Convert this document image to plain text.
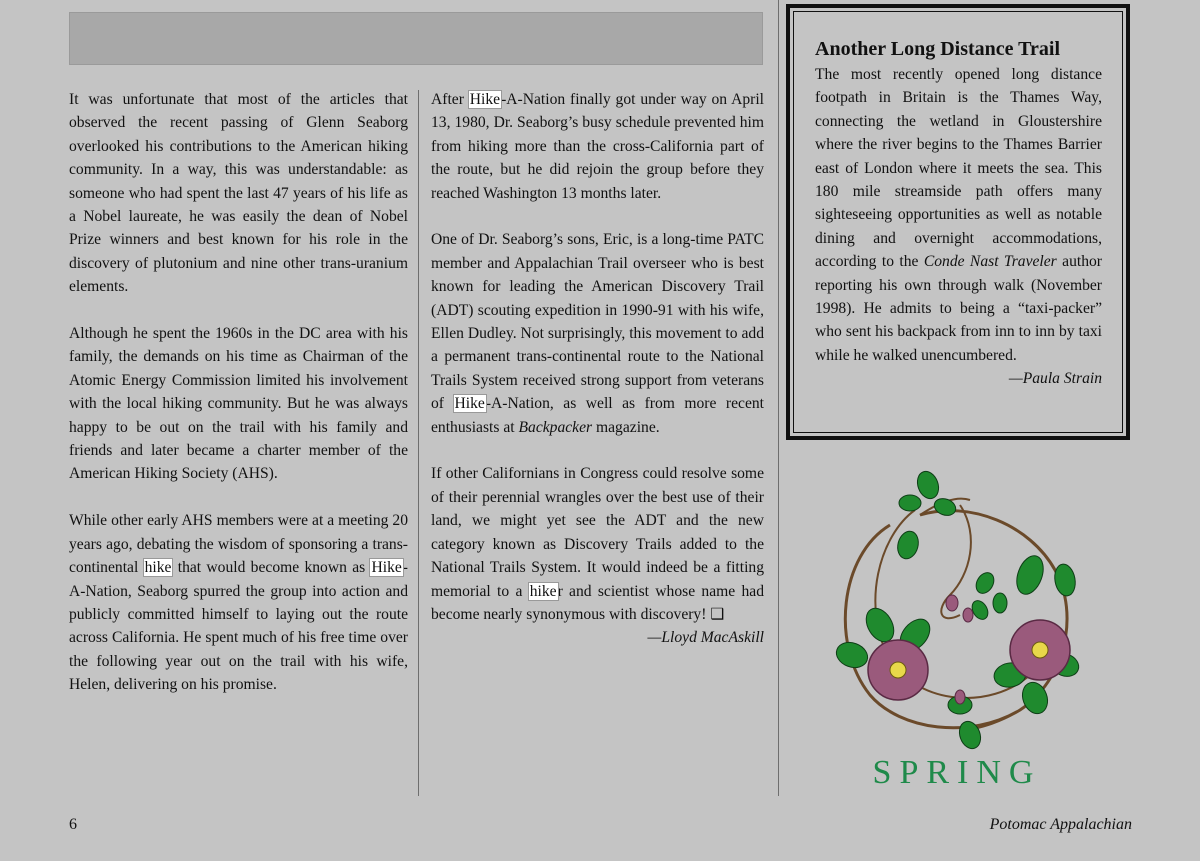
It was unfortunate that most of the articles that observed the recent passing of Glenn Seaborg overlooked his contributions to the American hiking community. In a way, this was understandable: as someone who had spent the last 47 years of his life as a Nobel laureate, he was easily the dean of Nobel Prize winners and best known for his role in the discovery of plutonium and nine other trans-uranium elements.

Although he spent the 1960s in the DC area with his family, the demands on his time as Chairman of the Atomic Energy Commission limited his involvement with the local hiking community. But he was always happy to be out on the trail with his family and friends and later became a charter member of the American Hiking Society (AHS).

While other early AHS members were at a meeting 20 years ago, debating the wisdom of sponsoring a trans-continental hike that would become known as Hike-A-Nation, Seaborg spurred the group into action and publicly committed himself to laying out the route across California. He spent much of his free time over the following year out on the trail with his wife, Helen, delivering on his promise.

After Hike-A-Nation finally got under way on April 13, 1980, Dr. Seaborg’s busy schedule prevented him from hiking more than the cross-California part of the route, but he did rejoin the group before they reached Washington 13 months later.

One of Dr. Seaborg’s sons, Eric, is a long-time PATC member and Appalachian Trail overseer who is best known for leading the American Discovery Trail (ADT) scouting expedition in 1990-91 with his wife, Ellen Dudley. Not surprisingly, this movement to add a permanent trans-continental route to the National Trails System received strong support from veterans of Hike-A-Nation, as well as from more recent enthusiasts at Backpacker magazine.

If other Californians in Congress could resolve some of their perennial wrangles over the best use of their land, we might yet see the ADT and the new category known as Discovery Trails added to the National Trails System. It would indeed be a fitting memorial to a hiker and scientist whose name had become nearly synonymous with discovery! ❑

—Lloyd MacAskill
Another Long Distance Trail
The most recently opened long distance footpath in Britain is the Thames Way, connecting the wetland in Gloustershire where the river begins to the Thames Barrier east of London where it meets the sea. This 180 mile streamside path offers many sighteseeing opportunities as well as notable dining and overnight accommodations, according to the Conde Nast Traveler author reporting his own through walk (November 1998). He admits to being a “taxi-packer” who sent his backpack from inn to inn by taxi while he walked unencumbered.
—Paula Strain
SPRING
6	Potomac Appalachian
